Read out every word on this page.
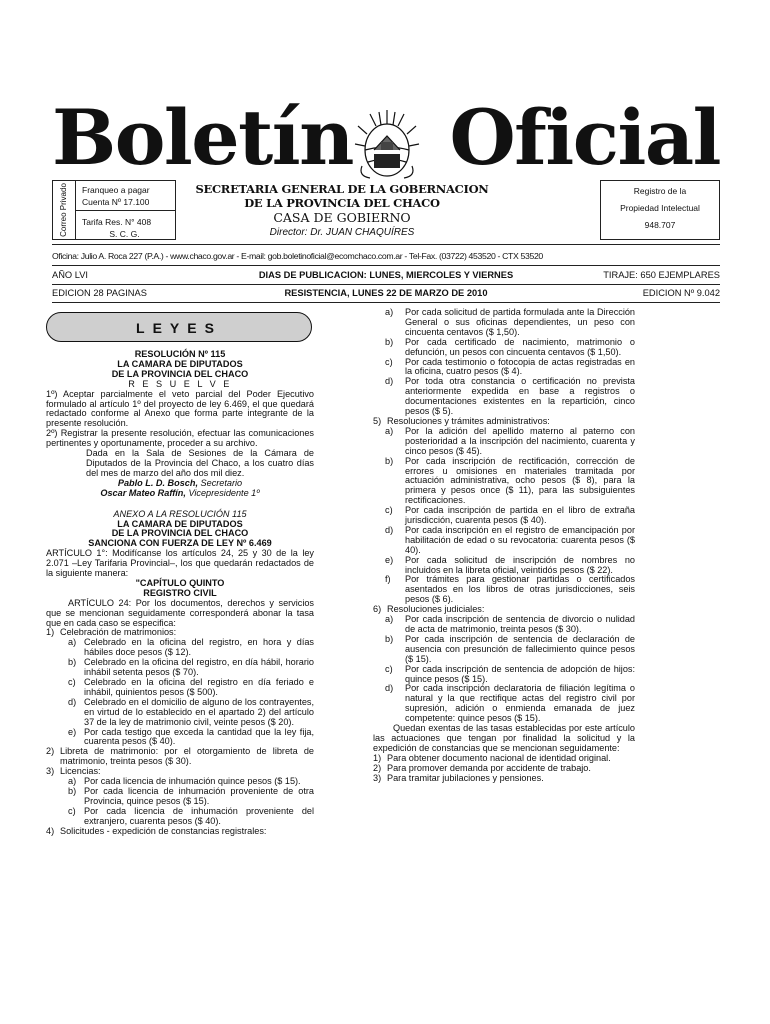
Boletín Oficial
Correo Privado Franqueo a pagar
Cuenta Nº 17.100
Tarifa Res. N° 408
S. C. G.
SECRETARIA GENERAL DE LA GOBERNACION
DE LA PROVINCIA DEL CHACO
CASA DE GOBIERNO
Director: Dr. JUAN CHAQUÍRES
Registro de la
Propiedad Intelectual
948.707
Oficina: Julio A. Roca 227 (P.A.) - www.chaco.gov.ar - E-mail: gob.boletinoficial@ecomchaco.com.ar - Tel-Fax. (03722) 453520 - CTX 53520
AÑO LVI	DIAS DE PUBLICACION: LUNES, MIERCOLES Y VIERNES	TIRAJE: 650 EJEMPLARES
EDICION 28 PAGINAS	RESISTENCIA, LUNES 22 DE MARZO DE 2010	EDICION Nº 9.042
LEYES
RESOLUCIÓN Nº 115
LA CAMARA DE DIPUTADOS
DE LA PROVINCIA DEL CHACO
R E S U E L V E
1º) Aceptar parcialmente el veto parcial del Poder Ejecutivo formulado al artículo 1º del proyecto de ley 6.469, el que quedará redactado conforme al Anexo que forma parte integrante de la presente resolución.
2º) Registrar la presente resolución, efectuar las comunicaciones pertinentes y oportunamente, proceder a su archivo.
Dada en la Sala de Sesiones de la Cámara de Diputados de la Provincia del Chaco, a los cuatro días del mes de marzo del año dos mil diez.
Pablo L. D. Bosch, Secretario
Oscar Mateo Raffín, Vicepresidente 1º
ANEXO A LA RESOLUCIÓN 115
LA CAMARA DE DIPUTADOS
DE LA PROVINCIA DEL CHACO
SANCIONA CON FUERZA DE LEY Nº 6.469
ARTÍCULO 1°: Modifícanse los artículos 24, 25 y 30 de la ley 2.071 –Ley Tarifaria Provincial–, los que quedarán redactados de la siguiente manera:
"CAPÍTULO QUINTO
REGISTRO CIVIL
ARTÍCULO 24: Por los documentos, derechos y servicios que se mencionan seguidamente corresponderá abonar la tasa que en cada caso se especifica:
1) Celebración de matrimonios:
a) Celebrado en la oficina del registro, en hora y días hábiles doce pesos ($ 12).
b) Celebrado en la oficina del registro, en día hábil, horario inhábil setenta pesos ($ 70).
c) Celebrado en la oficina del registro en día feriado e inhábil, quinientos pesos ($ 500).
d) Celebrado en el domicilio de alguno de los contrayentes, en virtud de lo establecido en el apartado 2) del artículo 37 de la ley de matrimonio civil, veinte pesos ($ 20).
e) Por cada testigo que exceda la cantidad que la ley fija, cuarenta pesos ($ 40).
2) Libreta de matrimonio: por el otorgamiento de libreta de matrimonio, treinta pesos ($ 30).
3) Licencias:
a) Por cada licencia de inhumación quince pesos ($ 15).
b) Por cada licencia de inhumación proveniente de otra Provincia, quince pesos ($ 15).
c) Por cada licencia de inhumación proveniente del extranjero, cuarenta pesos ($ 40).
4) Solicitudes - expedición de constancias registrales:
a) Por cada solicitud de partida formulada ante la Dirección General o sus oficinas dependientes, un peso con cincuenta centavos ($ 1,50).
b) Por cada certificado de nacimiento, matrimonio o defunción, un pesos con cincuenta centavos ($ 1,50).
c) Por cada testimonio o fotocopia de actas registradas en la oficina, cuatro pesos ($ 4).
d) Por toda otra constancia o certificación no prevista anteriormente expedida en base a registros o documentaciones existentes en la repartición, cinco pesos ($ 5).
5) Resoluciones y trámites administrativos:
a) Por la adición del apellido materno al paterno con posterioridad a la inscripción del nacimiento, cuarenta y cinco pesos ($ 45).
b) Por cada inscripción de rectificación, corrección de errores u omisiones en materiales tramitada por actuación administrativa, ocho pesos ($ 8), para la primera y pesos once ($ 11), para las subsiguientes rectificaciones.
c) Por cada inscripción de partida en el libro de extraña jurisdicción, cuarenta pesos ($ 40).
d) Por cada inscripción en el registro de emancipación por habilitación de edad o su revocatoria: cuarenta pesos ($ 40).
e) Por cada solicitud de inscripción de nombres no incluidos en la libreta oficial, veintidós pesos ($ 22).
f) Por trámites para gestionar partidas o certificados asentados en los libros de otras jurisdicciones, seis pesos ($ 6).
6) Resoluciones judiciales:
a) Por cada inscripción de sentencia de divorcio o nulidad de acta de matrimonio, treinta pesos ($ 30).
b) Por cada inscripción de sentencia de declaración de ausencia con presunción de fallecimiento quince pesos ($ 15).
c) Por cada inscripción de sentencia de adopción de hijos: quince pesos ($ 15).
d) Por cada inscripción declaratoria de filiación legítima o natural y la que rectifique actas del registro civil por supresión, adición o enmienda emanada de juez competente: quince pesos ($ 15).
Quedan exentas de las tasas establecidas por este artículo las actuaciones que tengan por finalidad la solicitud y la expedición de constancias que se mencionan seguidamente:
1) Para obtener documento nacional de identidad original.
2) Para promover demanda por accidente de trabajo.
3) Para tramitar jubilaciones y pensiones.
